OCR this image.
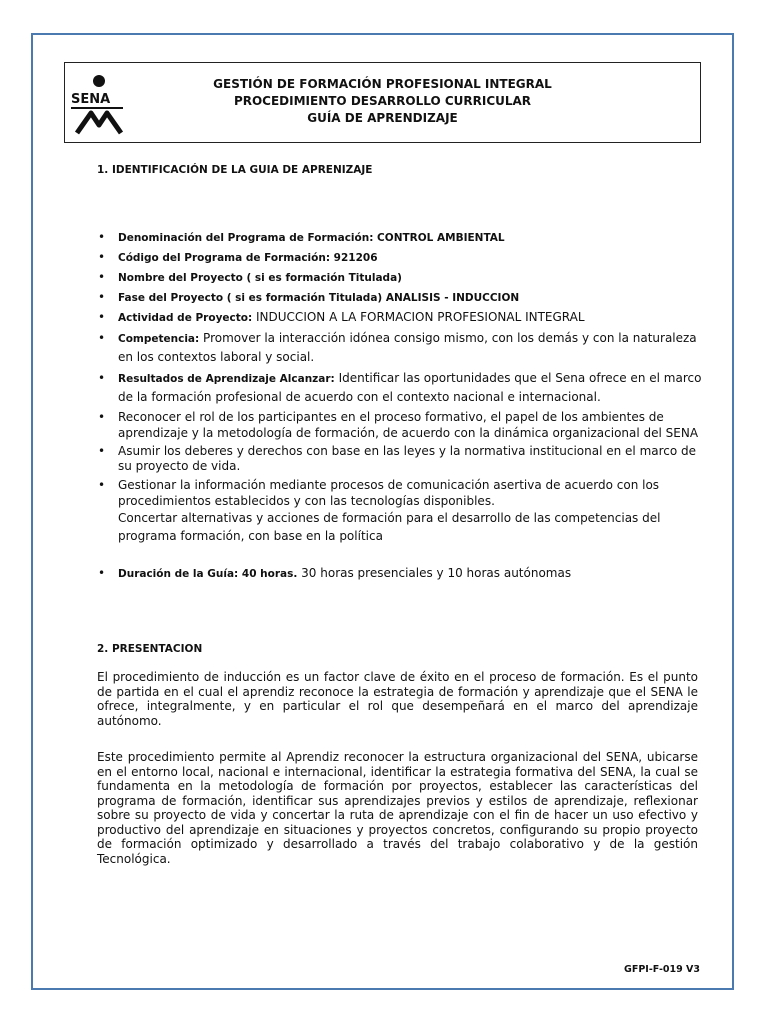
SENA
GESTIÓN DE FORMACIÓN PROFESIONAL INTEGRAL
PROCEDIMIENTO DESARROLLO CURRICULAR
GUÍA DE APRENDIZAJE
1. IDENTIFICACIÓN DE LA GUIA DE APRENIZAJE
• Denominación del Programa de Formación: CONTROL AMBIENTAL
• Código del Programa de Formación: 921206
• Nombre del Proyecto ( si es formación Titulada)
• Fase del Proyecto ( si es formación Titulada) ANALISIS - INDUCCION
• Actividad de Proyecto: INDUCCION A LA FORMACION PROFESIONAL INTEGRAL
• Competencia: Promover la interacción idónea consigo mismo, con los demás y con la naturaleza en los contextos laboral y social.
• Resultados de Aprendizaje Alcanzar: Identificar las oportunidades que el Sena ofrece en el marco de la formación profesional de acuerdo con el contexto nacional e internacional.
• Reconocer el rol de los participantes en el proceso formativo, el papel de los ambientes de aprendizaje y la metodología de formación, de acuerdo con la dinámica organizacional del SENA
• Asumir los deberes y derechos con base en las leyes y la normativa institucional en el marco de su proyecto de vida.
• Gestionar la información mediante procesos de comunicación asertiva de acuerdo con los procedimientos establecidos y con las tecnologías disponibles.
Concertar alternativas y acciones de formación para el desarrollo de las competencias del programa formación, con base en la política
• Duración de la Guía: 40 horas. 30 horas presenciales y 10 horas autónomas
2. PRESENTACION

El procedimiento de inducción es un factor clave de éxito en el proceso de formación. Es el punto de partida en el cual el aprendiz reconoce la estrategia de formación y aprendizaje que el SENA le ofrece, integralmente, y en particular el rol que desempeñará en el marco del aprendizaje autónomo.

Este procedimiento permite al Aprendiz reconocer la estructura organizacional del SENA, ubicarse en el entorno local, nacional e internacional, identificar la estrategia formativa del SENA, la cual se fundamenta en la metodología de formación por proyectos, establecer las características del programa de formación, identificar sus aprendizajes previos y estilos de aprendizaje, reflexionar sobre su proyecto de vida y concertar la ruta de aprendizaje con el fin de hacer un uso efectivo y productivo del aprendizaje en situaciones y proyectos concretos, configurando su propio proyecto de formación optimizado y desarrollado a través del trabajo colaborativo y de la gestión Tecnológica.

GFPI-F-019 V3
